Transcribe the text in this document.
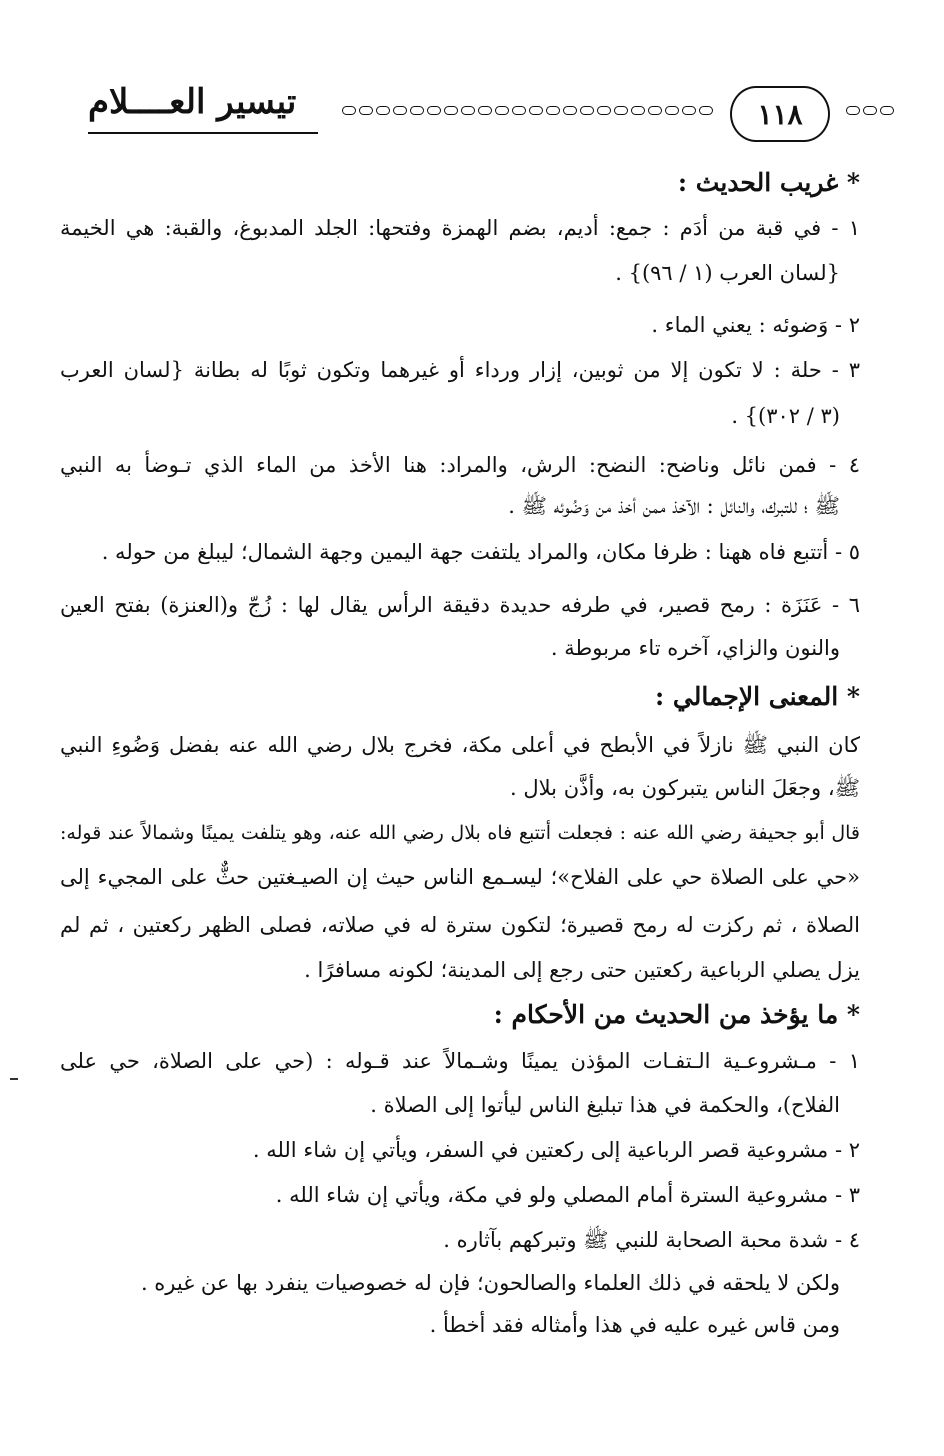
تيسير العــــلام	١١٨
* غريب الحديث :
١ - في قبة من أدَم : جمع: أديم، بضم الهمزة وفتحها: الجلد المدبوغ، والقبة: هي الخيمة
{لسان العرب (١ / ٩٦)} .
٢ - وَضوئه : يعني الماء .
٣ - حلة : لا تكون إلا من ثوبين، إزار ورداء أو غيرهما وتكون ثوبًا له بطانة {لسان العرب
(٣ / ٣٠٢)} .
٤ - فمن نائل وناضح: النضح: الرش، والمراد: هنا الأخذ من الماء الذي تـوضأ به النبي
ﷺ ؛ للتبرك، والنائل : الآخذ ممن أخذ من وَضُوئه ﷺ .
٥ - أتتبع فاه ههنا : ظرفا مكان، والمراد يلتفت جهة اليمين وجهة الشمال؛ ليبلغ من حوله .
٦ - عَنَزَة : رمح قصير، في طرفه حديدة دقيقة الرأس يقال لها : زُجّ و(العنزة) بفتح العين
والنون والزاي، آخره تاء مربوطة .
* المعنى الإجمالي :
كان النبي ﷺ نازلاً في الأبطح في أعلى مكة، فخرج بلال رضي الله عنه بفضل وَضُوءِ النبي
ﷺ، وجعَلَ الناس يتبركون به، وأذَّن بلال .
قال أبو جحيفة رضي الله عنه : فجعلت أتتبع فاه بلال رضي الله عنه، وهو يتلفت يمينًا وشمالاً عند قوله:
«حي على الصلاة حي على الفلاح»؛ ليسـمع الناس حيث إن الصيـغتين حثٌّ على المجيء إلى
الصلاة ، ثم ركزت له رمح قصيرة؛ لتكون سترة له في صلاته، فصلى الظهر ركعتين ، ثم لم
يزل يصلي الرباعية ركعتين حتى رجع إلى المدينة؛ لكونه مسافرًا .
* ما يؤخذ من الحديث من الأحكام :
١ - مـشروعـية الـتفـات المؤذن يمينًا وشـمالاً عند قـوله : (حي على الصلاة، حي على
الفلاح)، والحكمة في هذا تبليغ الناس ليأتوا إلى الصلاة .
٢ - مشروعية قصر الرباعية إلى ركعتين في السفر، ويأتي إن شاء الله .
٣ - مشروعية السترة أمام المصلي ولو في مكة، ويأتي إن شاء الله .
٤ - شدة محبة الصحابة للنبي ﷺ وتبركهم بآثاره .
ولكن لا يلحقه في ذلك العلماء والصالحون؛ فإن له خصوصيات ينفرد بها عن غيره .
ومن قاس غيره عليه في هذا وأمثاله فقد أخطأ .
